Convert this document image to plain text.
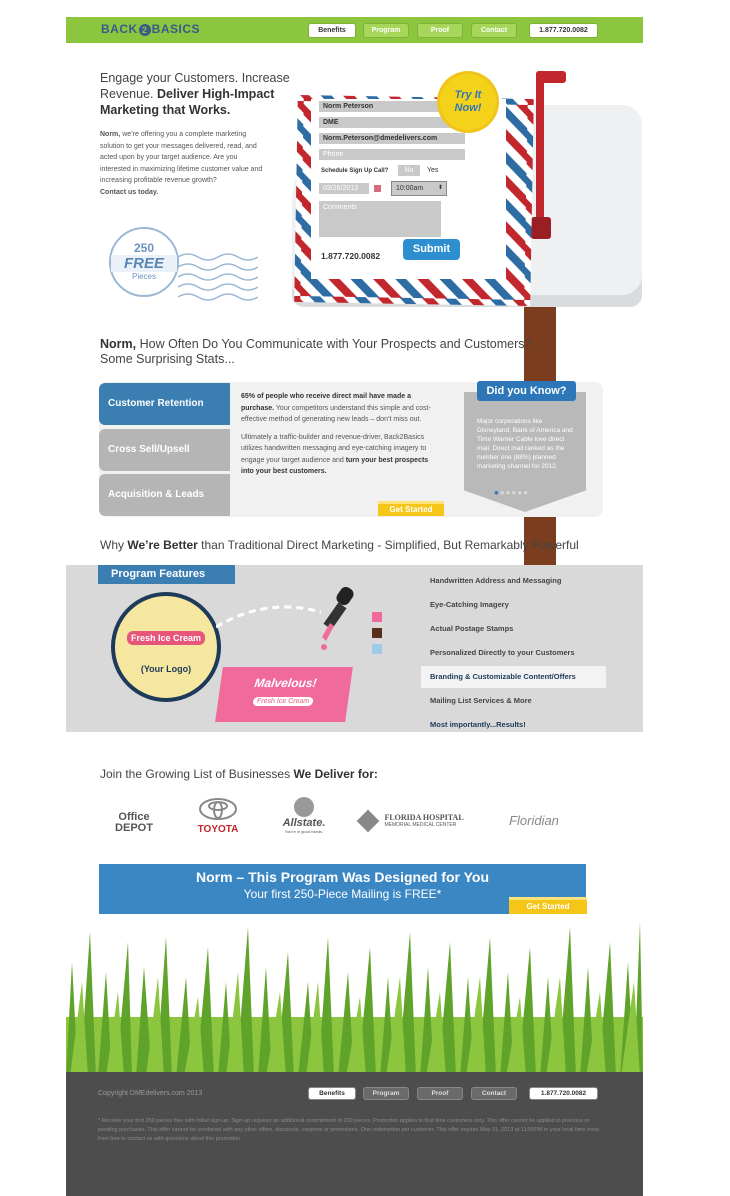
BACK 2 BASICS	Benefits	Program	Proof	Contact	1.877.720.0082
Engage your Customers. Increase Revenue. Deliver High-Impact Marketing that Works.
Norm, we’re offering you a complete marketing solution to get your messages delivered, read, and acted upon by your target audience. Are you interested in maximizing lifetime customer value and increasing profitable revenue growth?
Contact us today.
250
FREE
Pieces
Norm Peterson
DME
Norm.Peterson@dmedelivers.com
Phone
Schedule Sign Up Call?	No	Yes
03/26/2013	10:00am ⬍
Comments
1.877.720.0082
Submit
Try It
Now!
Norm, How Often Do You Communicate with Your Prospects and Customers? Some Surprising Stats...
Customer Retention
Cross Sell/Upsell
Acquisition & Leads

65% of people who receive direct mail have made a purchase. Your competitors understand this simple and cost-effective method of generating new leads – don’t miss out.

Ultimately a traffic-builder and revenue-driver, Back2Basics utilizes handwritten messaging and eye-catching imagery to engage your target audience and turn your best prospects into your best customers.

Get Started
Did you Know?
Major corporations like Disneyland, Bank of America and Time Warner Cable love direct mail. Direct mail ranked as the number one (88%) planned marketing channel for 2012.
●●●●●●
Why We’re Better than Traditional Direct Marketing - Simplified, But Remarkably Powerful
Program Features
Fresh Ice Cream
(Your Logo)
Malvelous!
Fresh Ice Cream
Handwritten Address and Messaging
Eye-Catching Imagery
Actual Postage Stamps
Personalized Directly to your Customers
Branding & Customizable Content/Offers
Mailing List Services & More
Most importantly...Results!
Join the Growing List of Businesses We Deliver for:
Office DEPOT	TOYOTA
Allstate.
You're in good hands.

FLORIDA HOSPITAL
MEMORIAL MEDICAL CENTER	Floridian
Norm – This Program Was Designed for You
Your first 250-Piece Mailing is FREE*
Get Started
Copyright DMEdelivers.com 2013	Benefits	Program	Proof	Contact	1.877.720.0082
* Receive your first 250 pieces free with initial sign-up. Sign-up requires an additional commitment of 250 pieces. Promotion applies to first time customers only. This offer cannot be applied to previous or pending purchases. This offer cannot be combined with any other offers, discounts, coupons or promotions. One redemption per customer. This offer expires May 31, 2013 at 11:59PM in your local time zone. Feel free to contact us with questions about this promotion.
